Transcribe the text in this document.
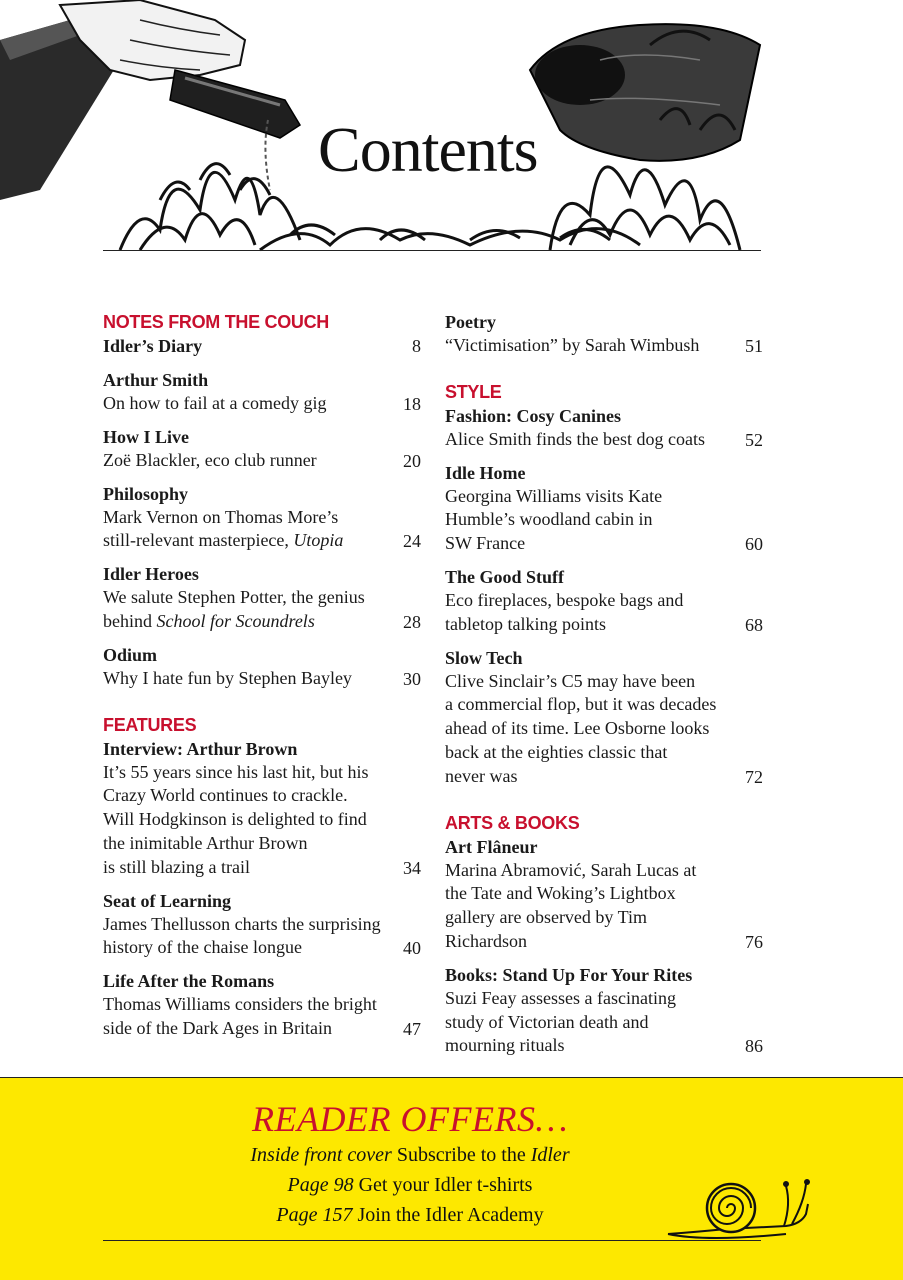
Contents
NOTES FROM THE COUCH
Idler’s Diary	8
Arthur Smith
On how to fail at a comedy gig	18
How I Live
Zoë Blackler, eco club runner	20
Philosophy
Mark Vernon on Thomas More’s
still-relevant masterpiece, Utopia	24
Idler Heroes
We salute Stephen Potter, the genius
behind School for Scoundrels	28
Odium
Why I hate fun by Stephen Bayley	30
FEATURES
Interview: Arthur Brown
It’s 55 years since his last hit, but his
Crazy World continues to crackle.
Will Hodgkinson is delighted to find
the inimitable Arthur Brown
is still blazing a trail	34
Seat of Learning
James Thellusson charts the surprising
history of the chaise longue	40
Life After the Romans
Thomas Williams considers the bright
side of the Dark Ages in Britain	47
Poetry
“Victimisation” by Sarah Wimbush	51
STYLE
Fashion: Cosy Canines
Alice Smith finds the best dog coats	52
Idle Home
Georgina Williams visits Kate
Humble’s woodland cabin in
SW France	60
The Good Stuff
Eco fireplaces, bespoke bags and
tabletop talking points	68
Slow Tech
Clive Sinclair’s C5 may have been
a commercial flop, but it was decades
ahead of its time. Lee Osborne looks
back at the eighties classic that
never was	72
ARTS & BOOKS
Art Flâneur
Marina Abramović, Sarah Lucas at
the Tate and Woking’s Lightbox
gallery are observed by Tim
Richardson	76
Books: Stand Up For Your Rites
Suzi Feay assesses a fascinating
study of Victorian death and
mourning rituals	86
READER OFFERS…
Inside front cover Subscribe to the Idler
Page 98 Get your Idler t-shirts
Page 157 Join the Idler Academy
